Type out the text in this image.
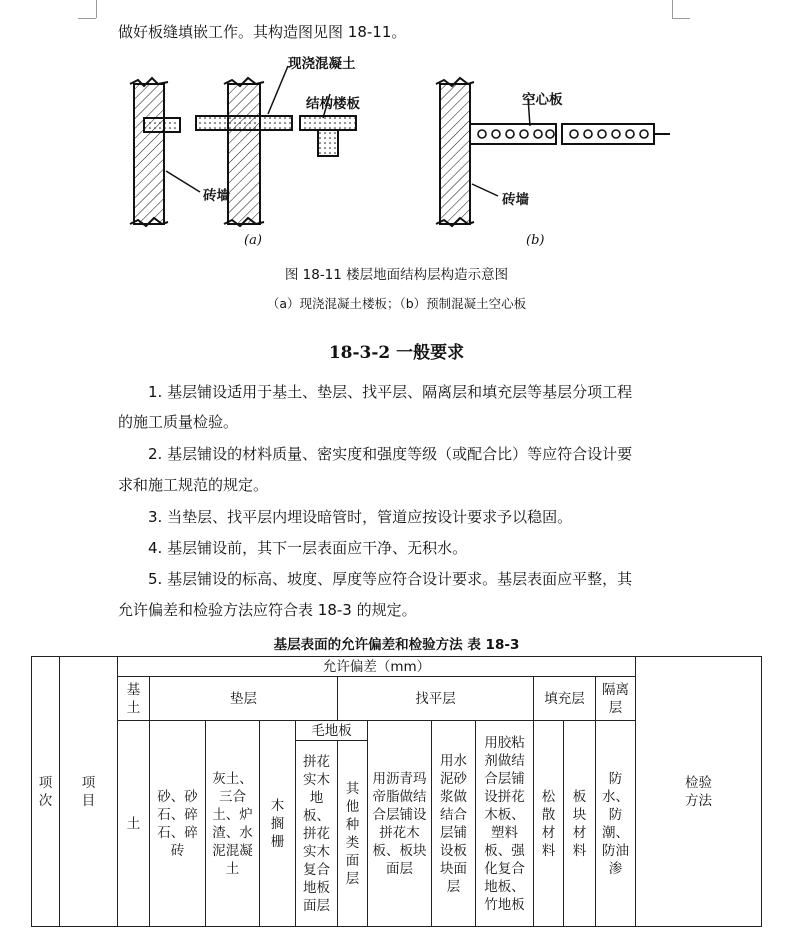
做好板缝填嵌工作。其构造图见图 18-11。

现浇混凝土
结构楼板
砖墙
空心板
砖墙
(a)	(b)
图 18-11 楼层地面结构层构造示意图
（a）现浇混凝土楼板；（b）预制混凝土空心板
18-3-2 一般要求

1. 基层铺设适用于基土、垫层、找平层、隔离层和填充层等基层分项工程

的施工质量检验。

2. 基层铺设的材料质量、密实度和强度等级（或配合比）等应符合设计要

求和施工规范的规定。

3. 当垫层、找平层内埋设暗管时，管道应按设计要求予以稳固。

4. 基层铺设前，其下一层表面应干净、无积水。

5. 基层铺设的标高、坡度、厚度等应符合设计要求。基层表面应平整，其

允许偏差和检验方法应符合表 18-3 的规定。

基层表面的允许偏差和检验方法 表 18-3
项次	项目	允许偏差（mm）												检验方法
		基土	垫层				找平层				填充层		隔离层	
		土	砂、砂石、碎石、碎砖	灰土、三合土、炉渣、水泥混凝土	木搁栅	毛地板		用沥青玛帝脂做结合层铺设拼花木板、板块面层	用水泥砂浆做结合层铺设板块面层	用胶粘剂做结合层铺设拼花木板、塑料板、强化复合地板、竹地板	松散材料	板块材料	防水、防潮、防油渗	
						拼花实木地板、拼花实木复合地板面层	其他种类面层							
